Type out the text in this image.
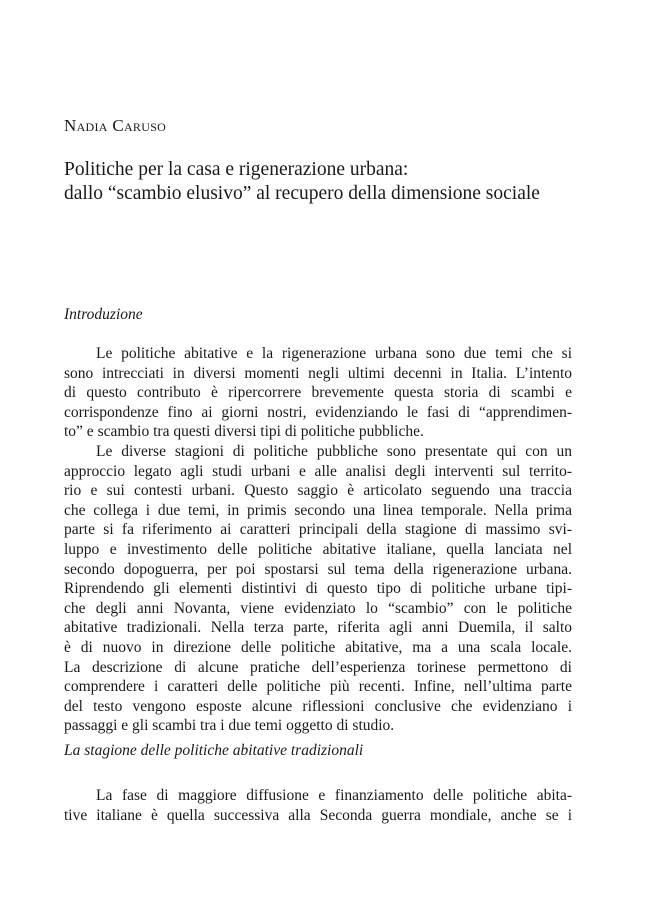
Nadia Caruso
Politiche per la casa e rigenerazione urbana:
dallo “scambio elusivo” al recupero della dimensione sociale
Introduzione
Le politiche abitative e la rigenerazione urbana sono due temi che si
sono intrecciati in diversi momenti negli ultimi decenni in Italia. L’intento
di questo contributo è ripercorrere brevemente questa storia di scambi e
corrispondenze fino ai giorni nostri, evidenziando le fasi di “apprendimen-
to” e scambio tra questi diversi tipi di politiche pubbliche.
Le diverse stagioni di politiche pubbliche sono presentate qui con un
approccio legato agli studi urbani e alle analisi degli interventi sul territo-
rio e sui contesti urbani. Questo saggio è articolato seguendo una traccia
che collega i due temi, in primis secondo una linea temporale. Nella prima
parte si fa riferimento ai caratteri principali della stagione di massimo svi-
luppo e investimento delle politiche abitative italiane, quella lanciata nel
secondo dopoguerra, per poi spostarsi sul tema della rigenerazione urbana.
Riprendendo gli elementi distintivi di questo tipo di politiche urbane tipi-
che degli anni Novanta, viene evidenziato lo “scambio” con le politiche
abitative tradizionali. Nella terza parte, riferita agli anni Duemila, il salto
è di nuovo in direzione delle politiche abitative, ma a una scala locale.
La descrizione di alcune pratiche dell’esperienza torinese permettono di
comprendere i caratteri delle politiche più recenti. Infine, nell’ultima parte
del testo vengono esposte alcune riflessioni conclusive che evidenziano i
passaggi e gli scambi tra i due temi oggetto di studio.
La stagione delle politiche abitative tradizionali
La fase di maggiore diffusione e finanziamento delle politiche abita-
tive italiane è quella successiva alla Seconda guerra mondiale, anche se i
